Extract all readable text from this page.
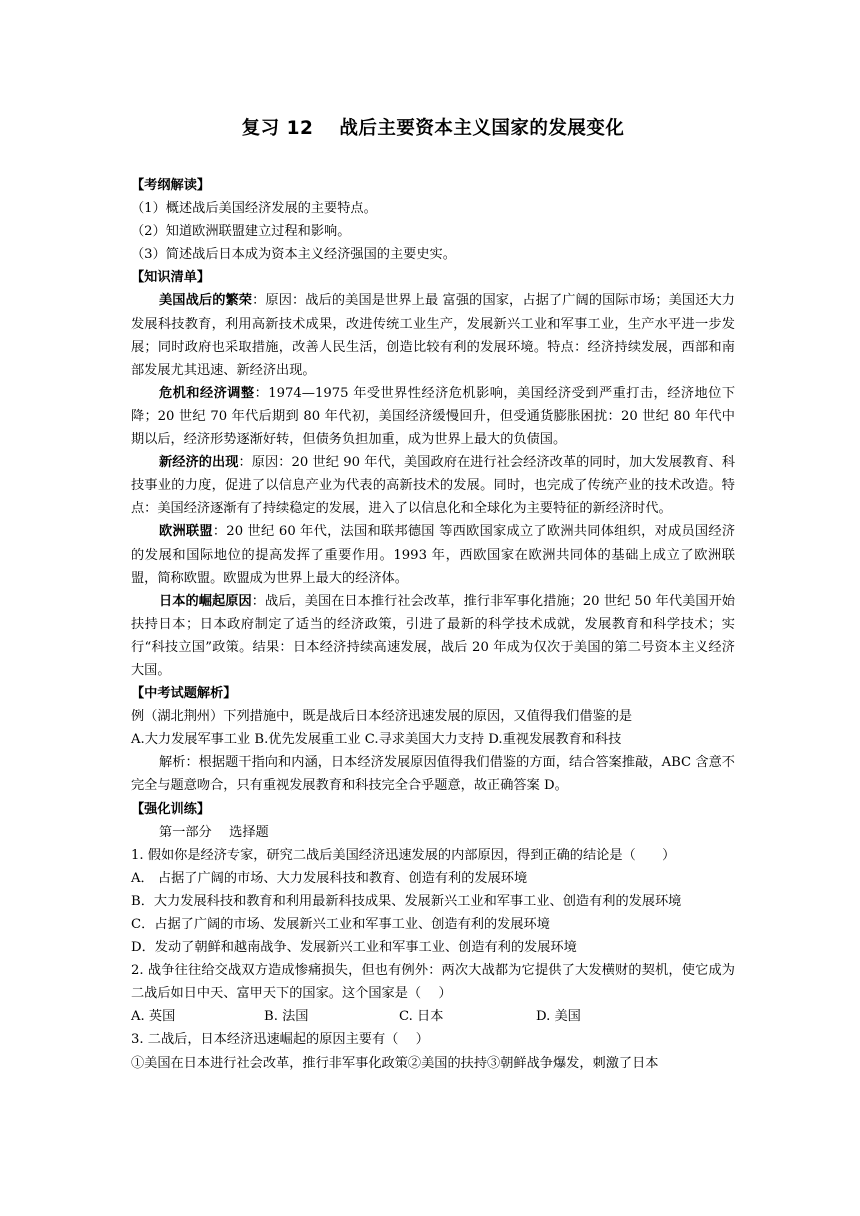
复习 12 战后主要资本主义国家的发展变化

【考纲解读】

（1）概述战后美国经济发展的主要特点。

（2）知道欧洲联盟建立过程和影响。

（3）简述战后日本成为资本主义经济强国的主要史实。

【知识清单】

美国战后的繁荣：原因：战后的美国是世界上最 富强的国家，占据了广阔的国际市场；美国还大力发展科技教育，利用高新技术成果，改进传统工业生产，发展新兴工业和军事工业，生产水平进一步发展；同时政府也采取措施，改善人民生活，创造比较有利的发展环境。特点：经济持续发展，西部和南部发展尤其迅速、新经济出现。

危机和经济调整：1974—1975 年受世界性经济危机影响，美国经济受到严重打击，经济地位下降；20 世纪 70 年代后期到 80 年代初，美国经济缓慢回升，但受通货膨胀困扰：20 世纪 80 年代中期以后，经济形势逐渐好转，但债务负担加重，成为世界上最大的负债国。

新经济的出现：原因：20 世纪 90 年代，美国政府在进行社会经济改革的同时，加大发展教育、科技事业的力度，促进了以信息产业为代表的高新技术的发展。同时，也完成了传统产业的技术改造。特点：美国经济逐渐有了持续稳定的发展，进入了以信息化和全球化为主要特征的新经济时代。

欧洲联盟：20 世纪 60 年代，法国和联邦德国 等西欧国家成立了欧洲共同体组织，对成员国经济的发展和国际地位的提高发挥了重要作用。1993 年，西欧国家在欧洲共同体的基础上成立了欧洲联盟，简称欧盟。欧盟成为世界上最大的经济体。

日本的崛起原因：战后，美国在日本推行社会改革，推行非军事化措施；20 世纪 50 年代美国开始扶持日本；日本政府制定了适当的经济政策，引进了最新的科学技术成就，发展教育和科学技术；实行“科技立国”政策。结果：日本经济持续高速发展，战后 20 年成为仅次于美国的第二号资本主义经济大国。

【中考试题解析】

例（湖北荆州）下列措施中，既是战后日本经济迅速发展的原因，又值得我们借鉴的是

A.大力发展军事工业 B.优先发展重工业 C.寻求美国大力支持 D.重视发展教育和科技

解析：根据题干指向和内涵，日本经济发展原因值得我们借鉴的方面，结合答案推敲，ABC 含意不完全与题意吻合，只有重视发展教育和科技完全合乎题意，故正确答案 D。

【强化训练】

第一部分　 选择题

1. 假如你是经济专家，研究二战后美国经济迅速发展的内部原因，得到正确的结论是（　　）

A． 占据了广阔的市场、大力发展科技和教育、创造有利的发展环境

B．大力发展科技和教育和利用最新科技成果、发展新兴工业和军事工业、创造有利的发展环境

C．占据了广阔的市场、发展新兴工业和军事工业、创造有利的发展环境

D．发动了朝鲜和越南战争、发展新兴工业和军事工业、创造有利的发展环境

2. 战争往往给交战双方造成惨痛损失，但也有例外：两次大战都为它提供了大发横财的契机，使它成为二战后如日中天、富甲天下的国家。这个国家是（　 ）

A. 英国	B. 法国	C. 日本	D. 美国

3. 二战后，日本经济迅速崛起的原因主要有（　 ）

①美国在日本进行社会改革，推行非军事化政策②美国的扶持③朝鲜战争爆发，刺激了日本
